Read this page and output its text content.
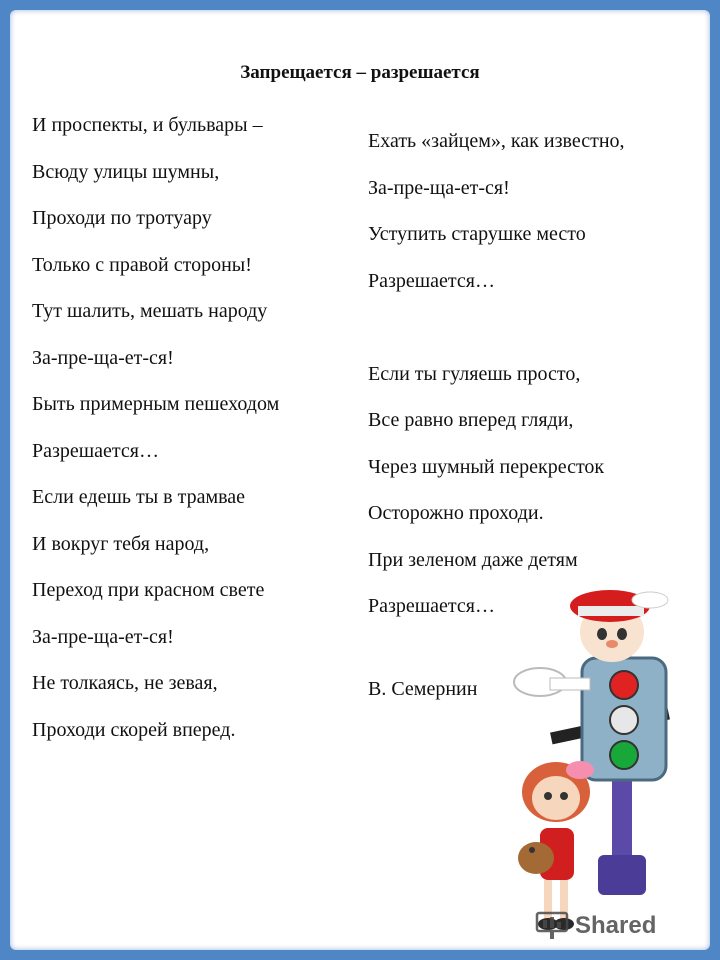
Запрещается – разрешается
И проспекты, и бульвары –
Всюду улицы шумны,
Проходи по тротуару
Только с правой стороны!
Тут шалить, мешать народу
За-пре-ща-ет-ся!
Быть примерным пешеходом
Разрешается…
Если едешь ты в трамвае
И вокруг тебя народ,
Переход при красном свете
За-пре-ща-ет-ся!
Не толкаясь, не зевая,
Проходи скорей вперед.
Ехать «зайцем», как известно,
За-пре-ща-ет-ся!
Уступить старушке место
Разрешается…
Если ты гуляешь просто,
Все равно вперед гляди,
Через шумный перекресток
Осторожно проходи.
При зеленом даже детям
Разрешается…
В. Семернин
Shared
